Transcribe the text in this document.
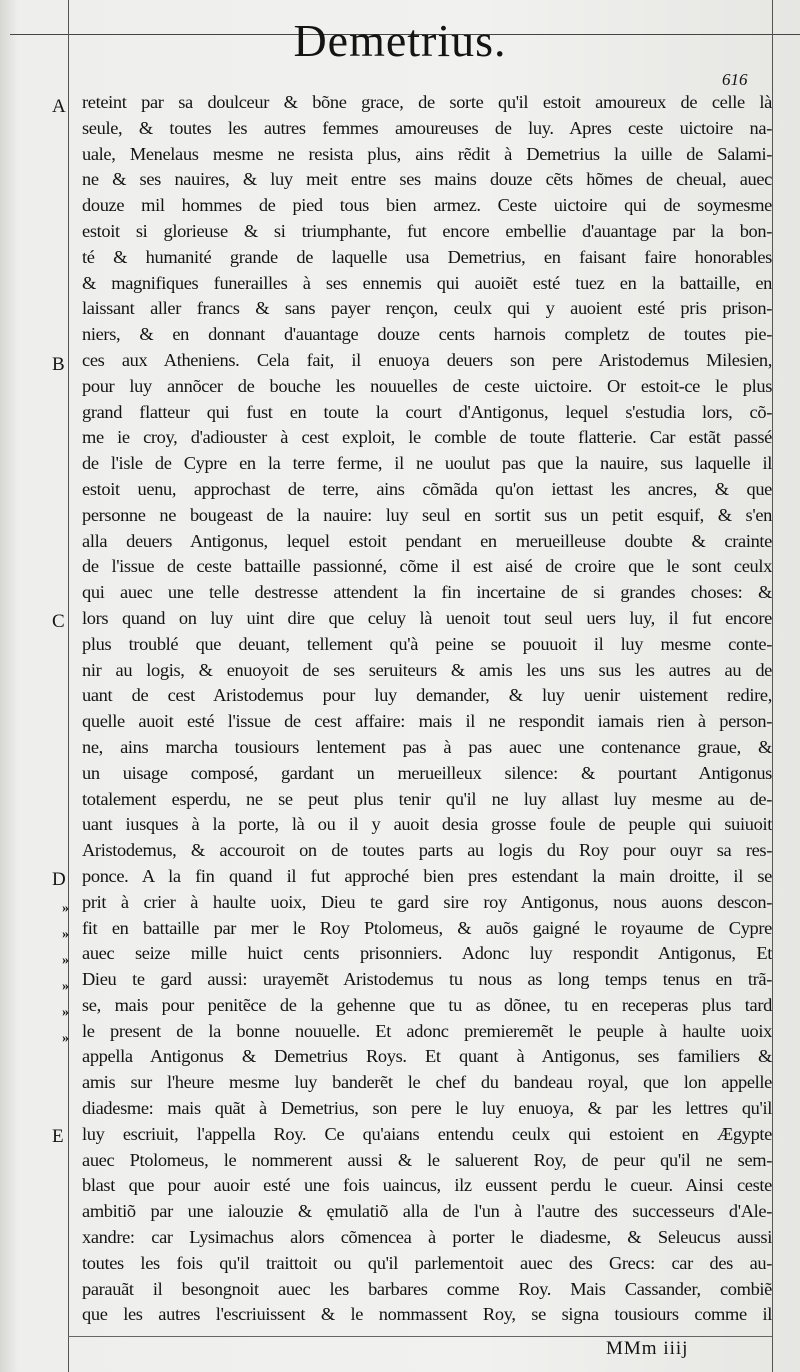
Demetrius.
616
A
B
C
D
E
»
»
»
»
»
»
reteint par sa doulceur & bõne grace, de sorte qu'il estoit amoureux de celle là
seule, & toutes les autres femmes amoureuses de luy. Apres ceste uictoire na-
uale, Menelaus mesme ne resista plus, ains rẽdit à Demetrius la uille de Salami-
ne & ses nauires, & luy meit entre ses mains douze cẽts hõmes de cheual, auec
douze mil hommes de pied tous bien armez. Ceste uictoire qui de soymesme
estoit si glorieuse & si triumphante, fut encore embellie d'auantage par la bon-
té & humanité grande de laquelle usa Demetrius, en faisant faire honorables
& magnifiques funerailles à ses ennemis qui auoiẽt esté tuez en la battaille, en
laissant aller francs & sans payer rençon, ceulx qui y auoient esté pris prison-
niers, & en donnant d'auantage douze cents harnois completz de toutes pie-
ces aux Atheniens. Cela fait, il enuoya deuers son pere Aristodemus Milesien,
pour luy annõcer de bouche les nouuelles de ceste uictoire. Or estoit-ce le plus
grand flatteur qui fust en toute la court d'Antigonus, lequel s'estudia lors, cõ-
me ie croy, d'adiouster à cest exploit, le comble de toute flatterie. Car estãt passé
de l'isle de Cypre en la terre ferme, il ne uoulut pas que la nauire, sus laquelle il
estoit uenu, approchast de terre, ains cõmãda qu'on iettast les ancres, & que
personne ne bougeast de la nauire: luy seul en sortit sus un petit esquif, & s'en
alla deuers Antigonus, lequel estoit pendant en merueilleuse doubte & crainte
de l'issue de ceste battaille passionné, cõme il est aisé de croire que le sont ceulx
qui auec une telle destresse attendent la fin incertaine de si grandes choses: &
lors quand on luy uint dire que celuy là uenoit tout seul uers luy, il fut encore
plus troublé que deuant, tellement qu'à peine se pouuoit il luy mesme conte-
nir au logis, & enuoyoit de ses seruiteurs & amis les uns sus les autres au de
uant de cest Aristodemus pour luy demander, & luy uenir uistement redire,
quelle auoit esté l'issue de cest affaire: mais il ne respondit iamais rien à person-
ne, ains marcha tousiours lentement pas à pas auec une contenance graue, &
un uisage composé, gardant un merueilleux silence: & pourtant Antigonus
totalement esperdu, ne se peut plus tenir qu'il ne luy allast luy mesme au de-
uant iusques à la porte, là ou il y auoit desia grosse foule de peuple qui suiuoit
Aristodemus, & accouroit on de toutes parts au logis du Roy pour ouyr sa res-
ponce. A la fin quand il fut approché bien pres estendant la main droitte, il se
prit à crier à haulte uoix, Dieu te gard sire roy Antigonus, nous auons descon-
fit en battaille par mer le Roy Ptolomeus, & auõs gaigné le royaume de Cypre
auec seize mille huict cents prisonniers. Adonc luy respondit Antigonus, Et
Dieu te gard aussi: urayemẽt Aristodemus tu nous as long temps tenus en trã-
se, mais pour penitẽce de la gehenne que tu as dõnee, tu en receperas plus tard
le present de la bonne nouuelle. Et adonc premieremẽt le peuple à haulte uoix
appella Antigonus & Demetrius Roys. Et quant à Antigonus, ses familiers &
amis sur l'heure mesme luy banderẽt le chef du bandeau royal, que lon appelle
diadesme: mais quãt à Demetrius, son pere le luy enuoya, & par les lettres qu'il
luy escriuit, l'appella Roy. Ce qu'aians entendu ceulx qui estoient en Ægypte
auec Ptolomeus, le nommerent aussi & le saluerent Roy, de peur qu'il ne sem-
blast que pour auoir esté une fois uaincus, ilz eussent perdu le cueur. Ainsi ceste
ambitiõ par une ialouzie & ęmulatiõ alla de l'un à l'autre des successeurs d'Ale-
xandre: car Lysimachus alors cõmencea à porter le diadesme, & Seleucus aussi
toutes les fois qu'il traittoit ou qu'il parlementoit auec des Grecs: car des au-
parauãt il besongnoit auec les barbares comme Roy. Mais Cassander, combiẽ
que les autres l'escriuissent & le nommassent Roy, se signa tousiours comme il
MMm iiij
